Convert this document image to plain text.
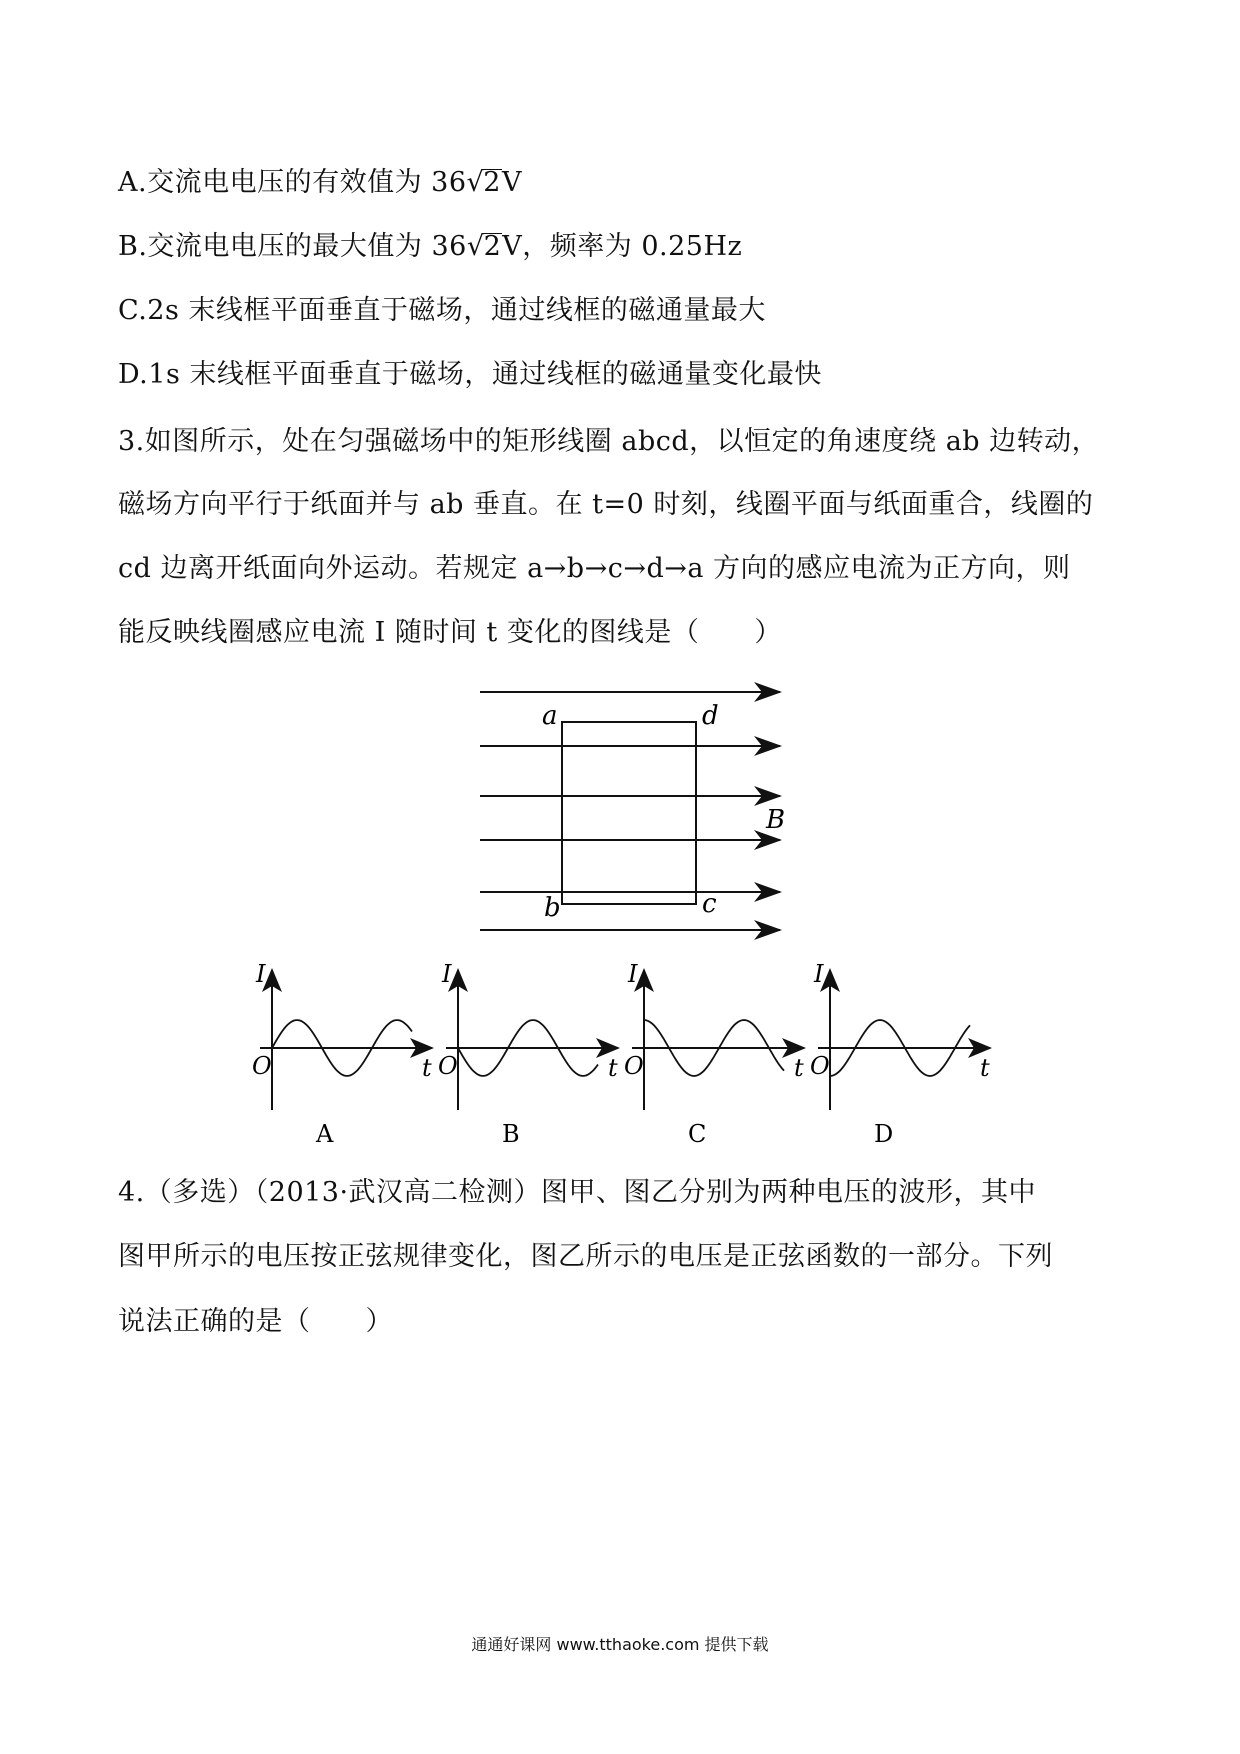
A.交流电电压的有效值为 36√2V
B.交流电电压的最大值为 36√2V，频率为 0.25Hz
C.2s 末线框平面垂直于磁场，通过线框的磁通量最大
D.1s 末线框平面垂直于磁场，通过线框的磁通量变化最快
3.如图所示，处在匀强磁场中的矩形线圈 abcd，以恒定的角速度绕 ab 边转动，
磁场方向平行于纸面并与 ab 垂直。在 t=0 时刻，线圈平面与纸面重合，线圈的
cd 边离开纸面向外运动。若规定 a→b→c→d→a 方向的感应电流为正方向，则
能反映线圈感应电流 I 随时间 t 变化的图线是（　　）
a	d
b	c
B
I
O	t
A
I
O	t
B
I
O	t
C
I
O	t
D
4.（多选）（2013·武汉高二检测）图甲、图乙分别为两种电压的波形，其中
图甲所示的电压按正弦规律变化，图乙所示的电压是正弦函数的一部分。下列
说法正确的是（　　）
通通好课网 www.tthaoke.com 提供下载
